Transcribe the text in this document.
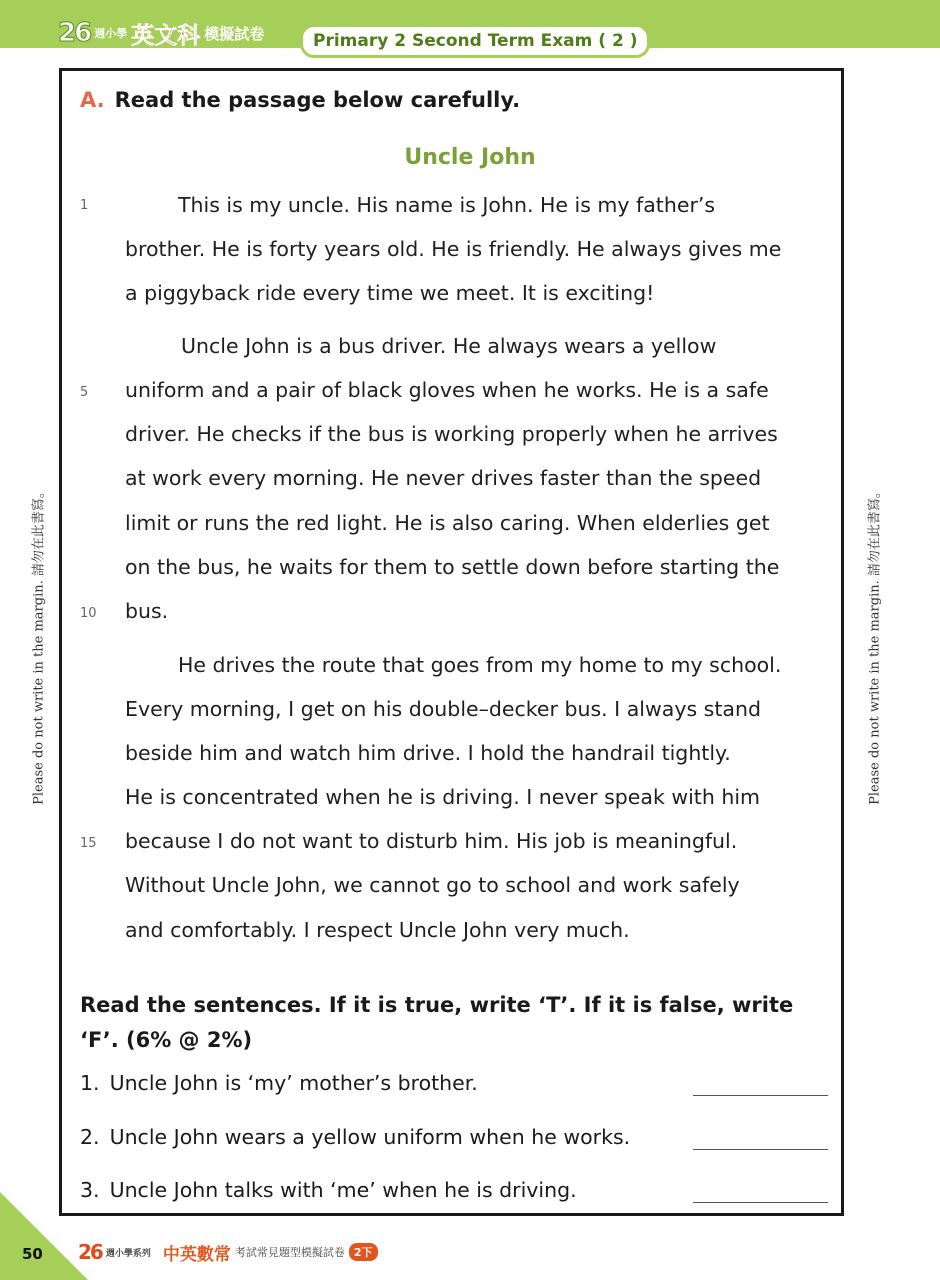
26 週小學 英文科 模擬試卷	Primary 2 Second Term Exam ( 2 )
A. Read the passage below carefully.
Uncle John
This is my uncle. His name is John. He is my father’s
brother. He is forty years old. He is friendly. He always gives me
a piggyback ride every time we meet. It is exciting!
Uncle John is a bus driver. He always wears a yellow
uniform and a pair of black gloves when he works. He is a safe
driver. He checks if the bus is working properly when he arrives
at work every morning. He never drives faster than the speed
limit or runs the red light. He is also caring. When elderlies get
on the bus, he waits for them to settle down before starting the
bus.
He drives the route that goes from my home to my school.
Every morning, I get on his double–decker bus. I always stand
beside him and watch him drive. I hold the handrail tightly.
He is concentrated when he is driving. I never speak with him
because I do not want to disturb him. His job is meaningful.
Without Uncle John, we cannot go to school and work safely
and comfortably. I respect Uncle John very much.
1
5
10
15
Read the sentences. If it is true, write ‘T’. If it is false, write
‘F’. (6% @ 2%)
1. Uncle John is ‘my’ mother’s brother.
2. Uncle John wears a yellow uniform when he works.
3. Uncle John talks with ‘me’ when he is driving.
Please do not write in the margin. 請勿在此書寫。	Please do not write in the margin. 請勿在此書寫。
50 26 週小學系列 中英數常 考試常見題型模擬試卷 2下
